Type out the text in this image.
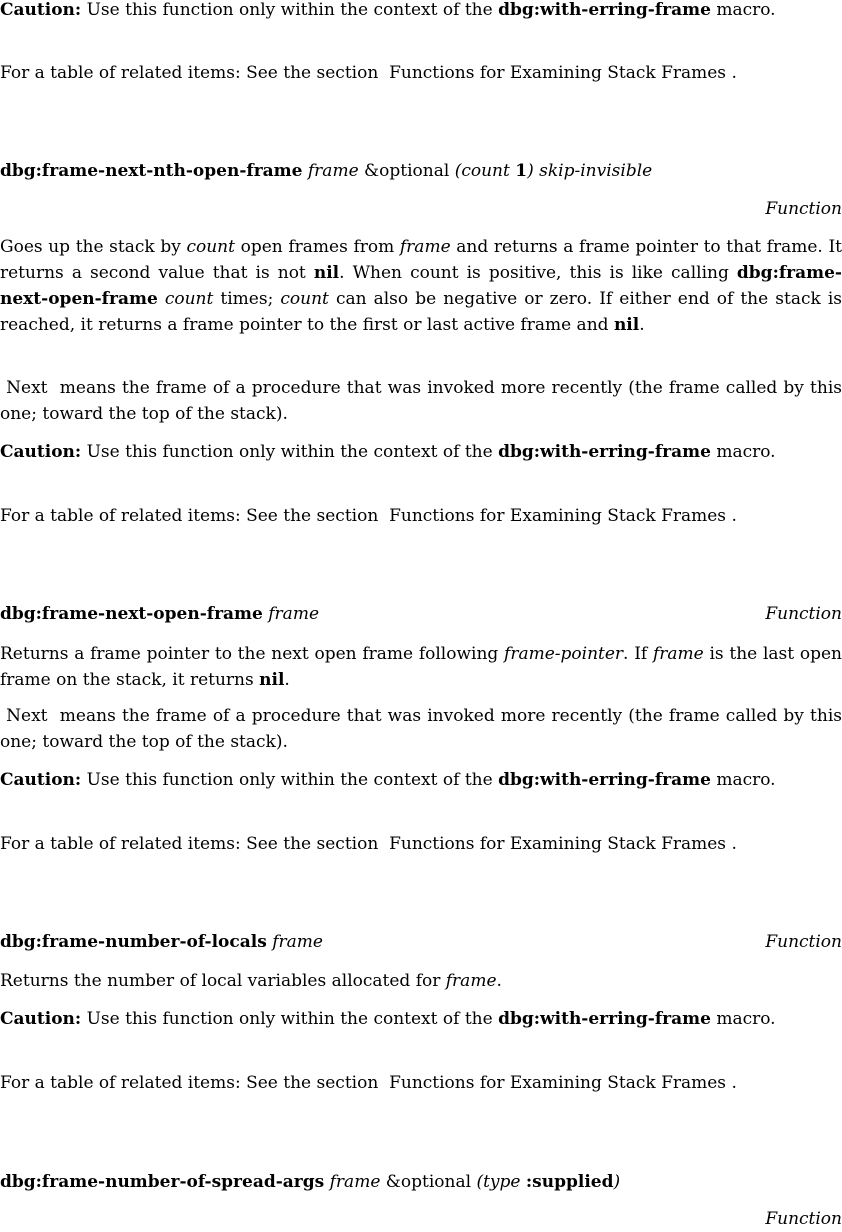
Caution: Use this function only within the context of the dbg:with-erring-frame macro.

For a table of related items: See the section  Functions for Examining Stack Frames .

dbg:frame-next-nth-open-frame frame &optional (count 1) skip-invisible
Function

Goes up the stack by count open frames from frame and returns a frame pointer to that frame. It returns a second value that is not nil. When count is positive, this is like calling dbg:frame-next-open-frame count times; count can also be negative or zero. If either end of the stack is reached, it returns a frame pointer to the first or last active frame and nil.

Next  means the frame of a procedure that was invoked more recently (the frame called by this one; toward the top of the stack).

Caution: Use this function only within the context of the dbg:with-erring-frame macro.

For a table of related items: See the section  Functions for Examining Stack Frames .

dbg:frame-next-open-frame frame	Function

Returns a frame pointer to the next open frame following frame-pointer. If frame is the last open frame on the stack, it returns nil.

Next  means the frame of a procedure that was invoked more recently (the frame called by this one; toward the top of the stack).

Caution: Use this function only within the context of the dbg:with-erring-frame macro.

For a table of related items: See the section  Functions for Examining Stack Frames .

dbg:frame-number-of-locals frame	Function

Returns the number of local variables allocated for frame.

Caution: Use this function only within the context of the dbg:with-erring-frame macro.

For a table of related items: See the section  Functions for Examining Stack Frames .

dbg:frame-number-of-spread-args frame &optional (type :supplied)
Function
